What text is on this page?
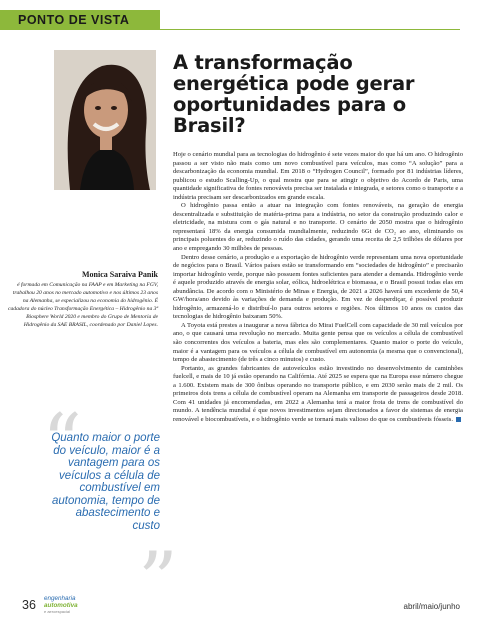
PONTO DE VISTA
Monica Saraiva Panik
é formada em Comunicação na FAAP e em Marketing na FGV, trabalhou 20 anos no mercado automotivo e nos últimos 23 anos na Alemanha, se especializou na economia do hidrogênio. É cadadora do núcleo Transformação Energética – Hidrogênio na 3ª Biosphere World 2020 e membro do Grupo de Mentoria de Hidrogênio da SAE BRASIL, coordenado por Daniel Lopes.
“
Quanto maior o porte do veículo, maior é a vantagem para os veículos a célula de combustível em autonomia, tempo de abastecimento e custo
”
A transformação energética pode gerar oportunidades para o Brasil?

Hoje o cenário mundial para as tecnologias do hidrogênio é sete vezes maior do que há um ano. O hidrogênio passou a ser visto não mais como um novo combustível para veículos, mas como “A solução” para a descarbonização da economia mundial. Em 2018 o “Hydrogen Council”, formado por 81 indústrias líderes, publicou o estudo Scalling-Up, o qual mostra que para se atingir o objetivo do Acordo de Paris, uma quantidade significativa de fontes renováveis precisa ser instalada e integrada, e setores como o transporte e a indústria precisam ser descarbonizados em grande escala.

O hidrogênio passa então a atuar na integração com fontes renováveis, na geração de energia descentralizada e substituição de matéria-prima para a indústria, no setor da construção produzindo calor e eletricidade, na mistura com o gás natural e no transporte. O cenário de 2050 mostra que o hidrogênio representará 18% da energia consumida mundialmente, reduzindo 6Gt de CO₂ ao ano, eliminando os principais poluentes do ar, reduzindo o ruído das cidades, gerando uma receita de 2,5 trilhões de dólares por ano e empregando 30 milhões de pessoas.

Dentro desse cenário, a produção e a exportação de hidrogênio verde representam uma nova oportunidade de negócios para o Brasil. Vários países estão se transformando em “sociedades de hidrogênio” e precisarão importar hidrogênio verde, porque não possuem fontes suficientes para atender a demanda. Hidrogênio verde é aquele produzido através de energia solar, eólica, hidroelétrica e biomassa, e o Brasil possui todas elas em abundância. De acordo com o Ministério de Minas e Energia, de 2021 a 2026 haverá um excedente de 50,4 GW/hora/ano devido às variações de demanda e produção. Em vez de desperdiçar, é possível produzir hidrogênio, armazená-lo e distribuí-lo para outros setores e regiões. Nos últimos 10 anos os custos das tecnologias de hidrogênio baixaram 50%.

A Toyota está prestes a inaugurar a nova fábrica do Mirai FuelCell com capacidade de 30 mil veículos por ano, o que causará uma revolução no mercado. Muita gente pensa que os veículos a célula de combustível são concorrentes dos veículos a bateria, mas eles são complementares. Quanto maior o porte do veículo, maior é a vantagem para os veículos a célula de combustível em autonomia (a mesma que o convencional), tempo de abastecimento (de três a cinco minutos) e custo.

Portanto, as grandes fabricantes de autoveículos estão investindo no desenvolvimento de caminhões fuelcell, e mais de 10 já estão operando na Califórnia. Até 2025 se espera que na Europa esse número chegue a 1.600. Existem mais de 300 ônibus operando no transporte público, e em 2030 serão mais de 2 mil. Os primeiros dois trens a célula de combustível operam na Alemanha em transporte de passageiros desde 2018. Com 41 unidades já encomendadas, em 2022 a Alemanha terá a maior frota de trens de combustível do mundo. A tendência mundial é que novos investimentos sejam direcionados a favor de sistemas de energia renovável e biocombustíveis, e o hidrogênio verde se tornará mais valioso do que os combustíveis fósseis.

36 engenharia
automotiva
e aeroespacial
abril/maio/junho
